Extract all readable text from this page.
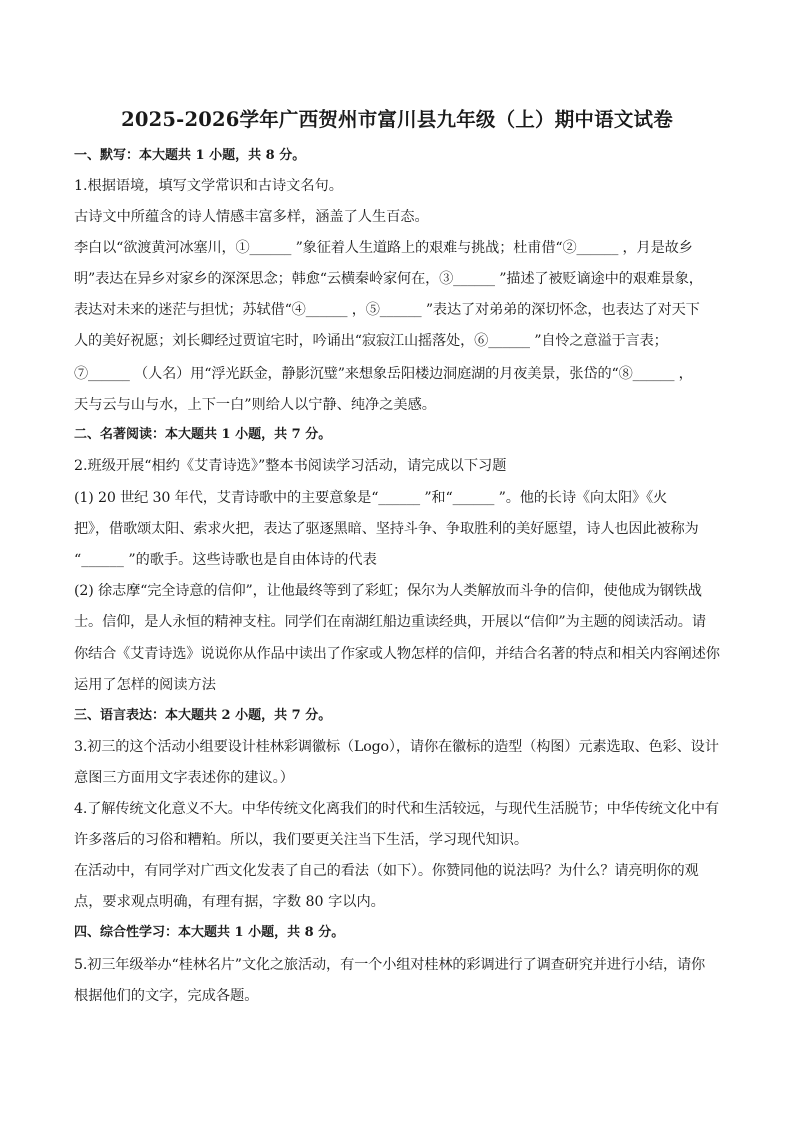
2025-2026学年广西贺州市富川县九年级（上）期中语文试卷
一、默写：本大题共 1 小题，共 8 分。
1.根据语境，填写文学常识和古诗文名句。
古诗文中所蕴含的诗人情感丰富多样，涵盖了人生百态。
李白以“欲渡黄河冰塞川，①______ ”象征着人生道路上的艰难与挑战；杜甫借“②______ ，月是故乡
明”表达在异乡对家乡的深深思念；韩愈“云横秦岭家何在，③______ ”描述了被贬谪途中的艰难景象，
表达对未来的迷茫与担忧；苏轼借“④______ ，⑤______ ”表达了对弟弟的深切怀念，也表达了对天下
人的美好祝愿；刘长卿经过贾谊宅时，吟诵出“寂寂江山摇落处，⑥______ ”自怜之意溢于言表；
⑦______ （人名）用“浮光跃金，静影沉璧”来想象岳阳楼边洞庭湖的月夜美景，张岱的“⑧______ ，
天与云与山与水，上下一白”则给人以宁静、纯净之美感。
二、名著阅读：本大题共 1 小题，共 7 分。
2.班级开展“相约《艾青诗选》”整本书阅读学习活动，请完成以下习题
(1) 20 世纪 30 年代，艾青诗歌中的主要意象是“______ ”和“______ ”。他的长诗《向太阳》《火
把》，借歌颂太阳、索求火把，表达了驱逐黑暗、坚持斗争、争取胜利的美好愿望，诗人也因此被称为
“______ ”的歌手。这些诗歌也是自由体诗的代表
(2) 徐志摩“完全诗意的信仰”，让他最终等到了彩虹；保尔为人类解放而斗争的信仰，使他成为钢铁战
士。信仰，是人永恒的精神支柱。同学们在南湖红船边重读经典，开展以“信仰”为主题的阅读活动。请
你结合《艾青诗选》说说你从作品中读出了作家或人物怎样的信仰，并结合名著的特点和相关内容阐述你
运用了怎样的阅读方法
三、语言表达：本大题共 2 小题，共 7 分。
3.初三的这个活动小组要设计桂林彩调徽标（Logo），请你在徽标的造型（构图）元素选取、色彩、设计
意图三方面用文字表述你的建议。）
4.了解传统文化意义不大。中华传统文化离我们的时代和生活较远，与现代生活脱节；中华传统文化中有
许多落后的习俗和糟粕。所以，我们要更关注当下生活，学习现代知识。
在活动中，有同学对广西文化发表了自己的看法（如下）。你赞同他的说法吗？为什么？请亮明你的观
点，要求观点明确，有理有据，字数 80 字以内。
四、综合性学习：本大题共 1 小题，共 8 分。
5.初三年级举办“桂林名片”文化之旅活动，有一个小组对桂林的彩调进行了调查研究并进行小结，请你
根据他们的文字，完成各题。
